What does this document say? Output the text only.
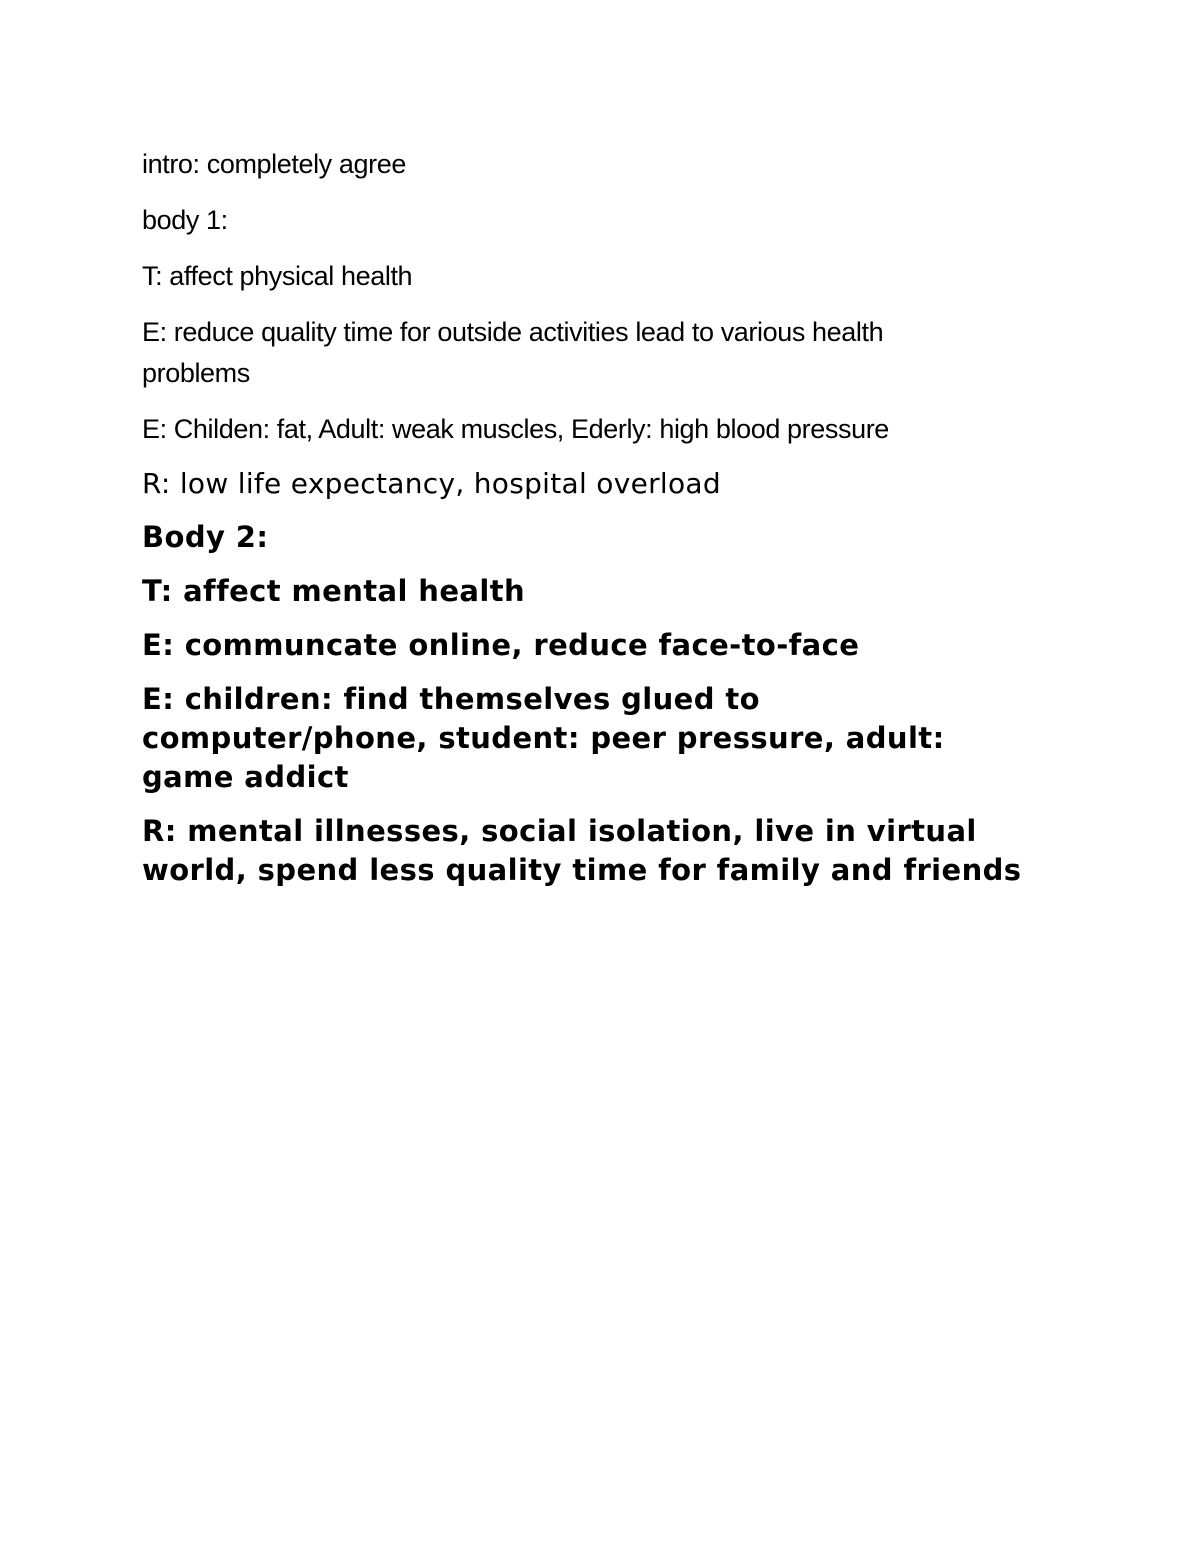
intro: completely agree

body 1:

T: affect physical health

E: reduce quality time for outside activities lead to various health problems

E: Childen: fat, Adult: weak muscles, Ederly: high blood pressure

R: low life expectancy, hospital overload

Body 2:

T: affect mental health

E: communcate online, reduce face-to-face

E: children: find themselves glued to computer/phone, student: peer pressure, adult: game addict

R: mental illnesses, social isolation, live in virtual world, spend less quality time for family and friends
